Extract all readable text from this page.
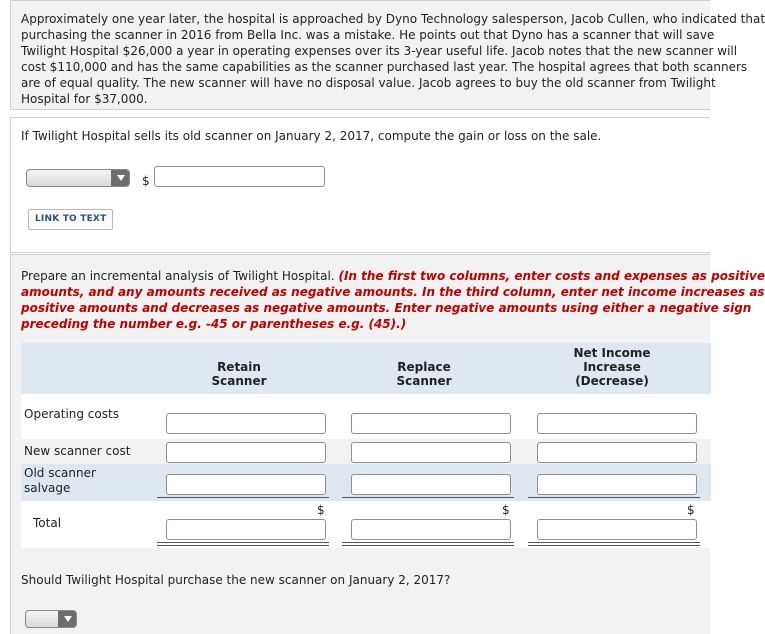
Approximately one year later, the hospital is approached by Dyno Technology salesperson, Jacob Cullen, who indicated that
purchasing the scanner in 2016 from Bella Inc. was a mistake. He points out that Dyno has a scanner that will save
Twilight Hospital $26,000 a year in operating expenses over its 3-year useful life. Jacob notes that the new scanner will
cost $110,000 and has the same capabilities as the scanner purchased last year. The hospital agrees that both scanners
are of equal quality. The new scanner will have no disposal value. Jacob agrees to buy the old scanner from Twilight
Hospital for $37,000.
If Twilight Hospital sells its old scanner on January 2, 2017, compute the gain or loss on the sale.
$
LINK TO TEXT
Prepare an incremental analysis of Twilight Hospital. (In the first two columns, enter costs and expenses as positive
amounts, and any amounts received as negative amounts. In the third column, enter net income increases as
positive amounts and decreases as negative amounts. Enter negative amounts using either a negative sign
preceding the number e.g. -45 or parentheses e.g. (45).)
Retain
Scanner
Replace
Scanner
Net Income
Increase
(Decrease)
Operating costs
New scanner cost
Old scanner
salvage
Total
$	$	$
Should Twilight Hospital purchase the new scanner on January 2, 2017?
